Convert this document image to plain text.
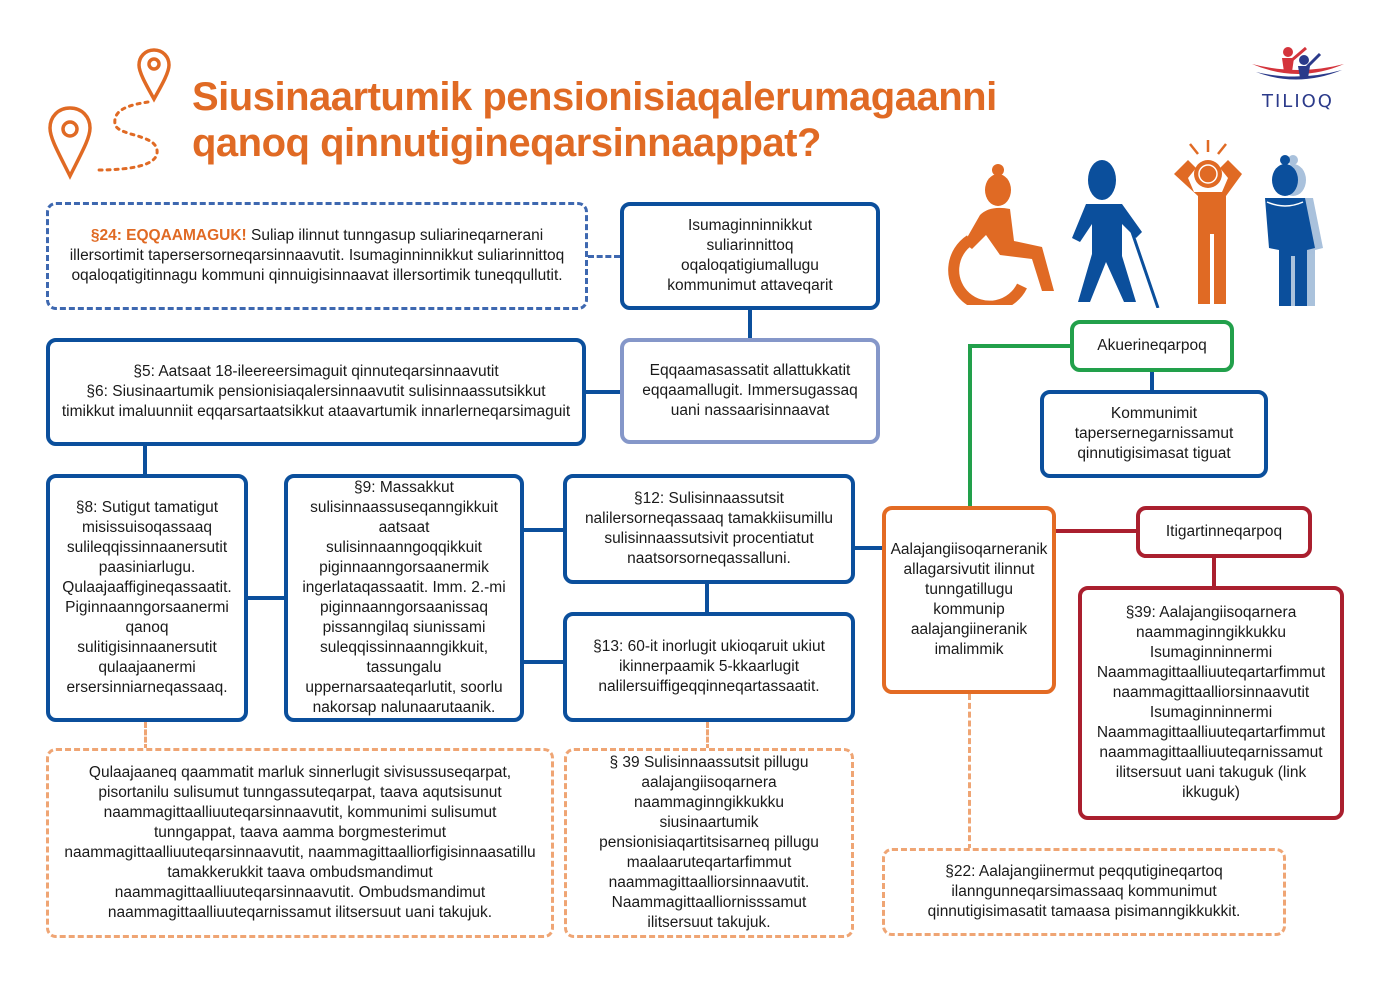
Siusinaartumik pensionisiaqalerumagaanni
qanoq qinnutigineqarsinnaappat?
TILIOQ
§24: EQQAAMAGUK! Suliap ilinnut tunngasup suliarineqarnerani illersortimit tapersersorneqarsinnaavutit. Isumaginninnikkut suliarinnittoq oqaloqatigitinnagu kommuni qinnuigisinnaavat illersortimik tuneqqullutit.
Isumaginninnikkut suliarinnittoq oqaloqatigiumallugu kommunimut attaveqarit
Eqqaamasassatit allattukkatit eqqaamallugit. Immersugassaq uani nassaarisinnaavat
§5: Aatsaat 18-ileereersimaguit qinnuteqarsinnaavutit
§6: Siusinaartumik pensionisiaqalersinnaavutit sulisinnaassutsikkut timikkut imaluunniit eqqarsartaatsikkut ataavartumik innarlerneqarsimaguit
§8: Sutigut tamatigut misissuisoqassaaq sulileqqissinnaanersutit paasiniarlugu. Qulaajaaffigineqassaatit. Piginnaanngorsaanermi qanoq sulitigisinnaanersutit qulaajaanermi ersersinniarneqassaaq.
§9: Massakkut sulisinnaassuseqanngikkuit aatsaat sulisinnaanngoqqikkuit piginnaanngorsaanermik ingerlataqassaatit. Imm. 2.-mi piginnaanngorsaanissaq pissanngilaq siunissami suleqqissinnaanngikkuit, tassungalu uppernarsaateqarlutit, soorlu nakorsap nalunaarutaanik.
§12: Sulisinnaassutsit nalilersorneqassaaq tamakkiisumillu sulisinnaassutsivit procentiatut naatsorsorneqassalluni.
§13: 60-it inorlugit ukioqaruit ukiut ikinnerpaamik 5-kkaarlugit nalilersuiffigeqqinneqartassaatit.
Qulaajaaneq qaammatit marluk sinnerlugit sivisussuseqarpat, pisortanilu sulisumut tunngassuteqarpat, taava aqutsisunut naammagittaalliuuteqarsinnaavutit, kommunimi sulisumut tunngappat, taava aamma borgmesterimut naammagittaalliuuteqarsinnaavutit, naammagittaalliorfigisinnaasatillu tamakkerukkit taava ombudsmandimut naammagittaalliuuteqarsinnaavutit. Ombudsmandimut naammagittaalliuuteqarnissamut ilitsersuut uani takujuk.
§ 39 Sulisinnaassutsit pillugu aalajangiisoqarnera naammaginngikkukku siusinaartumik pensionisiaqartitsisarneq pillugu maalaaruteqartarfimmut naammagittaalliorsinnaavutit. Naammagittaalliornisssamut ilitsersuut takujuk.
Aalajangiisoqarneranik allagarsivutit ilinnut tunngatillugu kommunip aalajangiineranik imalimmik
Akuerineqarpoq
Kommunimit tapersernegarnissamut qinnutigisimasat tiguat
Itigartinneqarpoq
§39: Aalajangiisoqarnera naammaginngikkukku Isumaginninnermi Naammagittaalliuuteqartarfimmut naammagittaalliorsinnaavutit Isumaginninnermi Naammagittaalliuuteqartarfimmut naammagittaalliuuteqarnissamut ilitsersuut uani takuguk (link ikkuguk)
§22: Aalajangiinermut peqqutigineqartoq ilanngunneqarsimassaaq kommunimut qinnutigisimasatit tamaasa pisimanngikkukkit.
